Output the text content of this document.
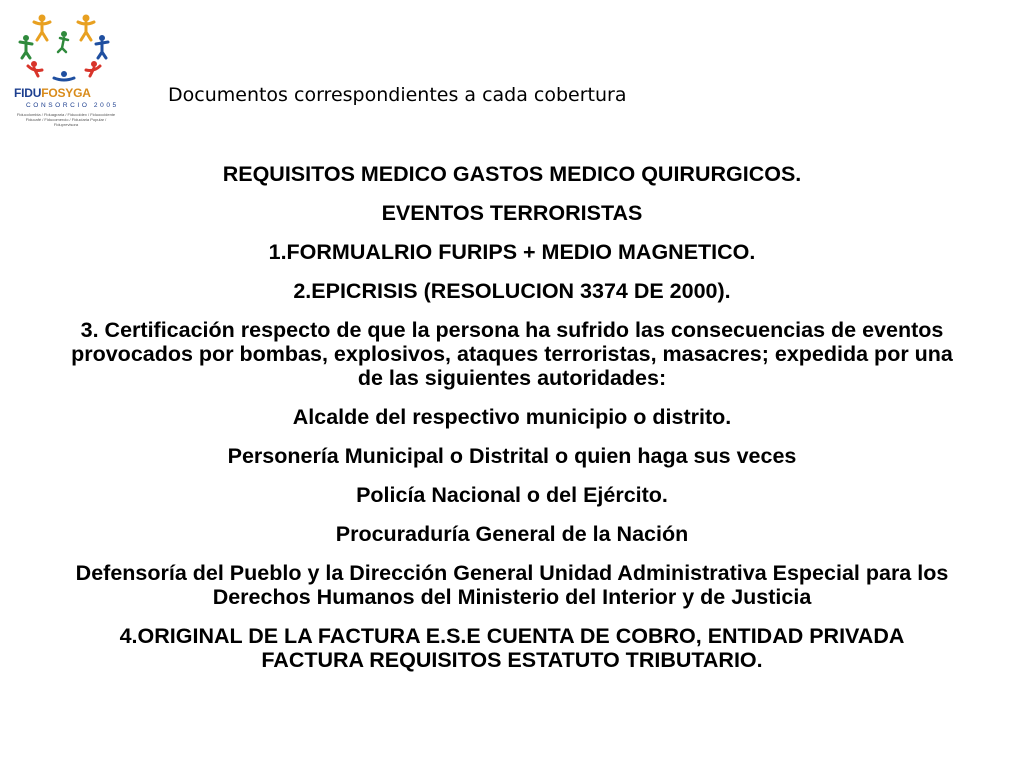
FIDUFOSYGA
CONSORCIO 2005
Fiducolombia / Fiduagraria / Fiducoldex / Fiduoccidente
Fiducafé / Fiducomercio / Fiduciaria Popular / Fiduprevisora
Documentos correspondientes a cada cobertura

REQUISITOS MEDICO GASTOS MEDICO QUIRURGICOS.

EVENTOS TERRORISTAS

1.FORMUALRIO FURIPS + MEDIO MAGNETICO.

2.EPICRISIS (RESOLUCION 3374 DE 2000).

3. Certificación respecto de que la persona ha sufrido las consecuencias de eventos provocados por bombas, explosivos, ataques terroristas, masacres; expedida por una de las siguientes autoridades:

Alcalde del respectivo municipio o distrito.

Personería Municipal o Distrital o quien haga sus veces

Policía Nacional o del Ejército.

Procuraduría General de la Nación

Defensoría del Pueblo y la Dirección General Unidad Administrativa Especial para los Derechos Humanos del Ministerio del Interior y de Justicia

4.ORIGINAL DE LA FACTURA E.S.E CUENTA DE COBRO, ENTIDAD PRIVADA FACTURA REQUISITOS ESTATUTO TRIBUTARIO.
